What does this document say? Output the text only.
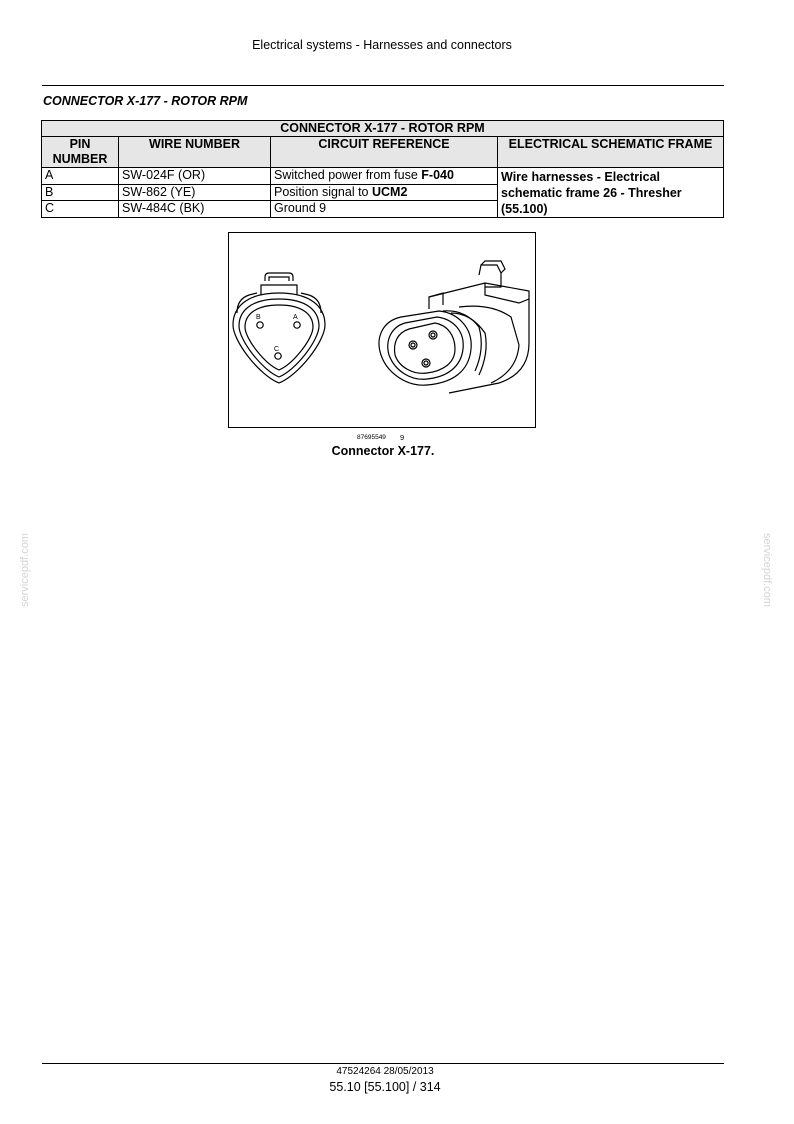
Electrical systems - Harnesses and connectors
CONNECTOR X-177 - ROTOR RPM
CONNECTOR X-177 - ROTOR RPM			
PIN NUMBER	WIRE NUMBER	CIRCUIT REFERENCE	ELECTRICAL SCHEMATIC FRAME
A	SW-024F (OR)	Switched power from fuse F-040	Wire harnesses - Electrical schematic frame 26 - Thresher (55.100)
B	SW-862 (YE)	Position signal to UCM2	
C	SW-484C (BK)	Ground 9	
B	A
C
87695549 9
Connector X-177.
servicepdf.com	servicepdf.com
47524264 28/05/2013
55.10 [55.100] / 314
